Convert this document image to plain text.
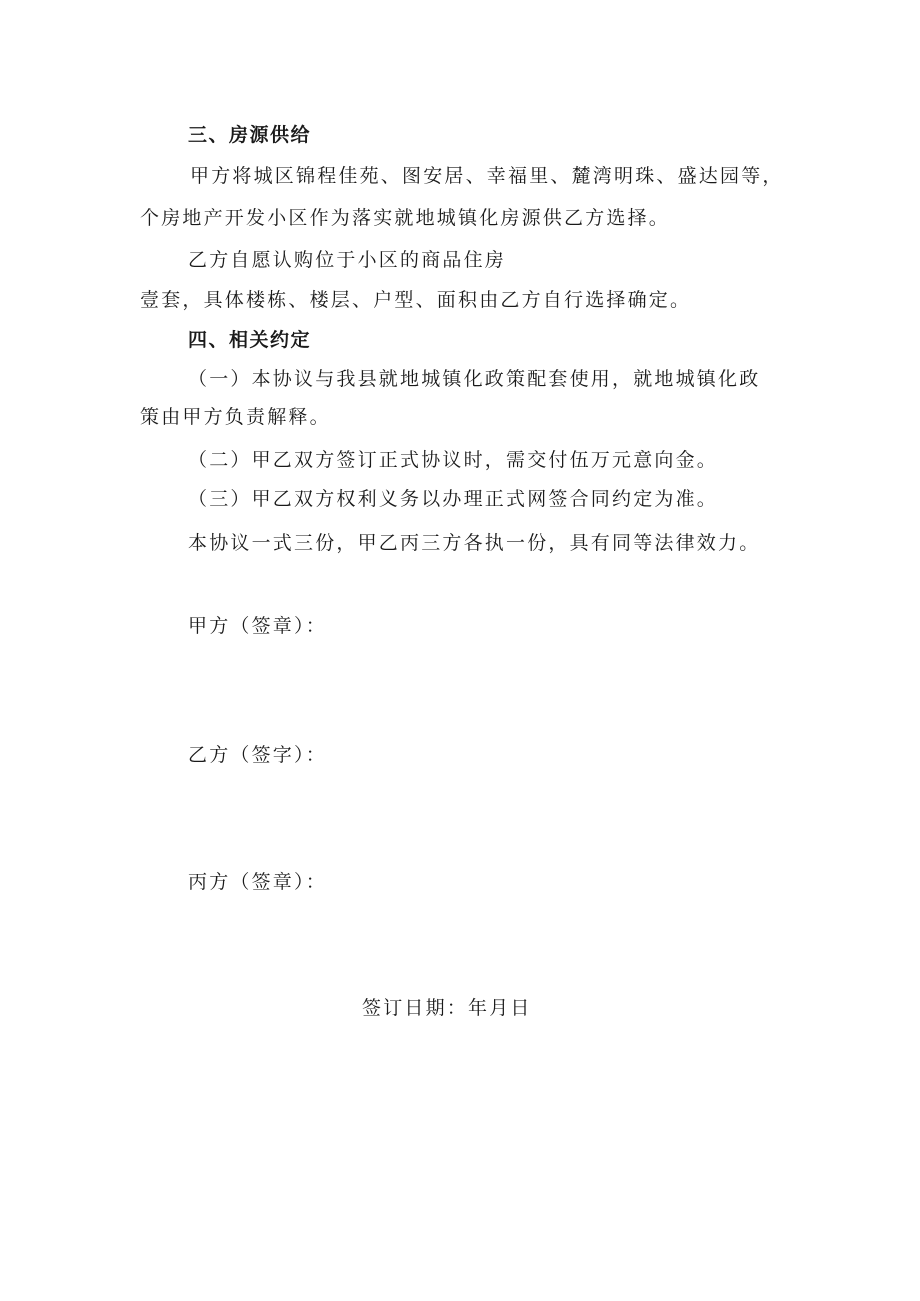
三、房源供给
甲方将城区锦程佳苑、图安居、幸福里、麓湾明珠、盛达园等，
个房地产开发小区作为落实就地城镇化房源供乙方选择。
乙方自愿认购位于小区的商品住房
壹套，具体楼栋、楼层、户型、面积由乙方自行选择确定。
四、相关约定
（一）本协议与我县就地城镇化政策配套使用，就地城镇化政
策由甲方负责解释。
（二）甲乙双方签订正式协议时，需交付伍万元意向金。
（三）甲乙双方权利义务以办理正式网签合同约定为准。
本协议一式三份，甲乙丙三方各执一份，具有同等法律效力。
甲方（签章）：
乙方（签字）：
丙方（签章）：
签订日期：年月日
